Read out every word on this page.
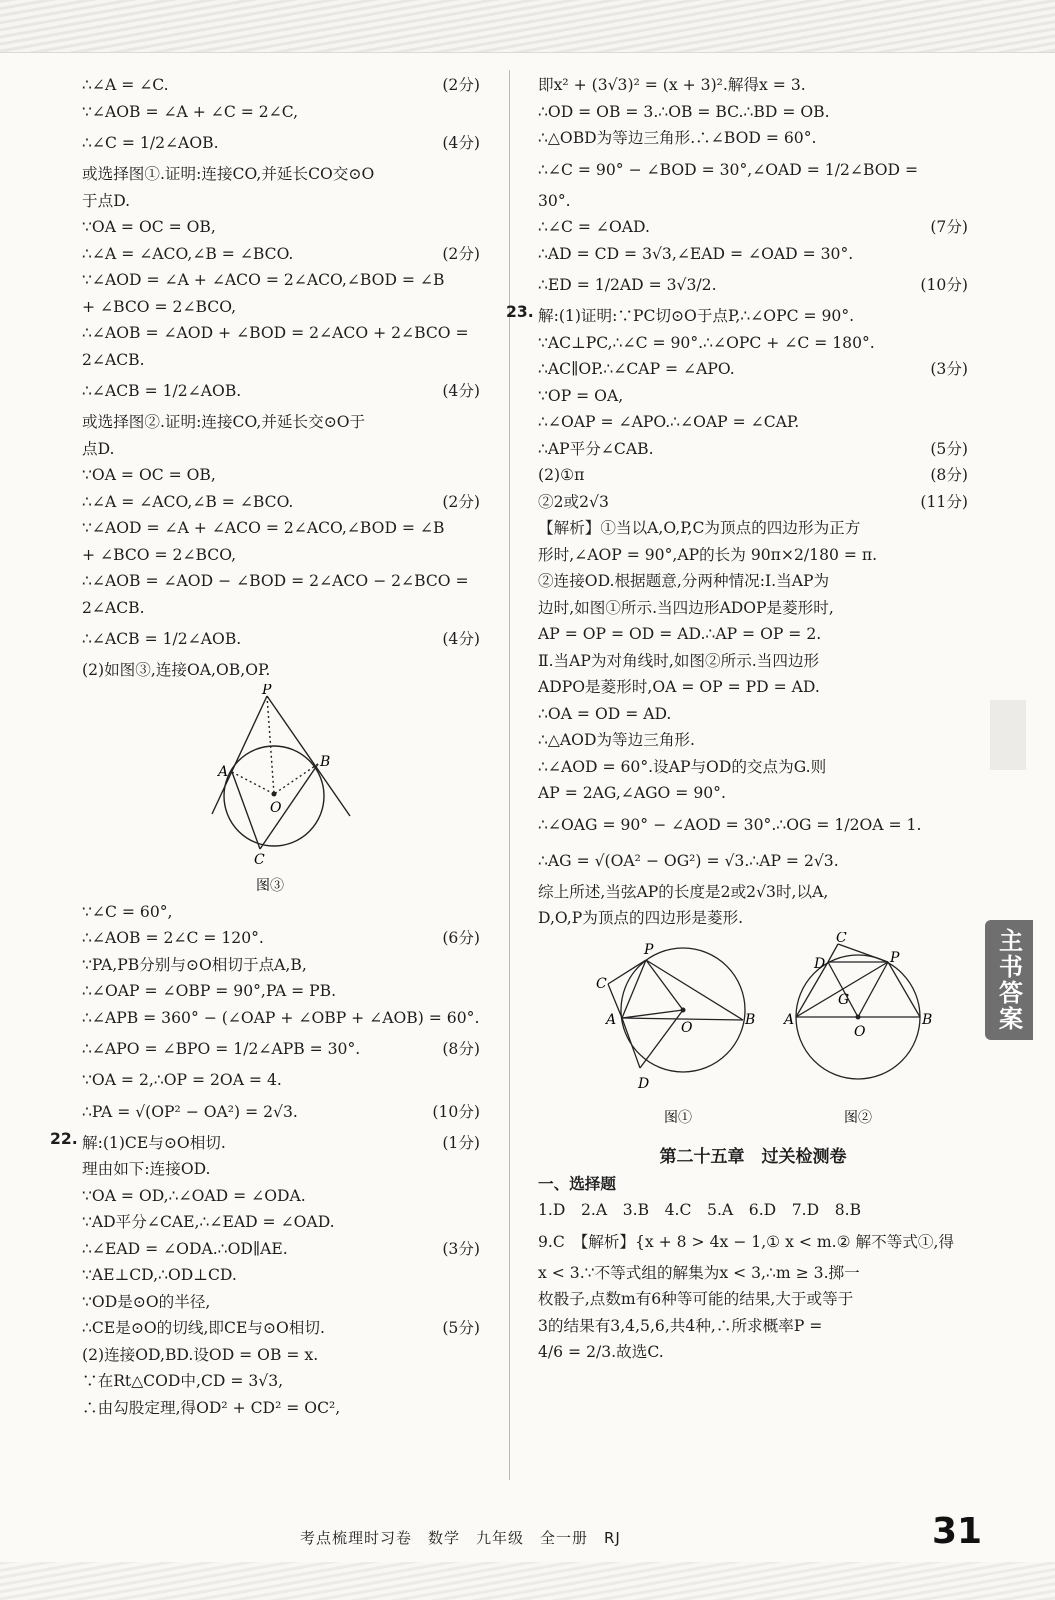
∴∠A = ∠C.	(2分)
∵∠AOB = ∠A + ∠C = 2∠C,
∴∠C = 1/2∠AOB.	(4分)
或选择图①.证明:连接CO,并延长CO交⊙O
于点D.
∵OA = OC = OB,
∴∠A = ∠ACO,∠B = ∠BCO.	(2分)
∵∠AOD = ∠A + ∠ACO = 2∠ACO,∠BOD = ∠B
+ ∠BCO = 2∠BCO,
∴∠AOB = ∠AOD + ∠BOD = 2∠ACO + 2∠BCO =
2∠ACB.
∴∠ACB = 1/2∠AOB.	(4分)
或选择图②.证明:连接CO,并延长交⊙O于
点D.
∵OA = OC = OB,
∴∠A = ∠ACO,∠B = ∠BCO.	(2分)
∵∠AOD = ∠A + ∠ACO = 2∠ACO,∠BOD = ∠B
+ ∠BCO = 2∠BCO,
∴∠AOB = ∠AOD − ∠BOD = 2∠ACO − 2∠BCO =
2∠ACB.
∴∠ACB = 1/2∠AOB.	(4分)
(2)如图③,连接OA,OB,OP.
P
A
B
O
C
图③
∵∠C = 60°,
∴∠AOB = 2∠C = 120°.	(6分)
∵PA,PB分别与⊙O相切于点A,B,
∴∠OAP = ∠OBP = 90°,PA = PB.
∴∠APB = 360° − (∠OAP + ∠OBP + ∠AOB) = 60°.
∴∠APO = ∠BPO = 1/2∠APB = 30°.	(8分)
∵OA = 2,∴OP = 2OA = 4.
∴PA = √(OP² − OA²) = 2√3.	(10分)
22. 解:(1)CE与⊙O相切.	(1分)
理由如下:连接OD.
∵OA = OD,∴∠OAD = ∠ODA.
∵AD平分∠CAE,∴∠EAD = ∠OAD.
∴∠EAD = ∠ODA.∴OD∥AE.	(3分)
∵AE⊥CD,∴OD⊥CD.
∵OD是⊙O的半径,
∴CE是⊙O的切线,即CE与⊙O相切.	(5分)
(2)连接OD,BD.设OD = OB = x.
∵在Rt△COD中,CD = 3√3,
∴由勾股定理,得OD² + CD² = OC²,
即x² + (3√3)² = (x + 3)².解得x = 3.
∴OD = OB = 3.∴OB = BC.∴BD = OB.
∴△OBD为等边三角形.∴∠BOD = 60°.
∴∠C = 90° − ∠BOD = 30°,∠OAD = 1/2∠BOD =
30°.
∴∠C = ∠OAD.	(7分)
∴AD = CD = 3√3,∠EAD = ∠OAD = 30°.
∴ED = 1/2AD = 3√3/2.	(10分)
23. 解:(1)证明:∵PC切⊙O于点P,∴∠OPC = 90°.
∵AC⊥PC,∴∠C = 90°.∴∠OPC + ∠C = 180°.
∴AC∥OP.∴∠CAP = ∠APO.	(3分)
∵OP = OA,
∴∠OAP = ∠APO.∴∠OAP = ∠CAP.
∴AP平分∠CAB.	(5分)
(2)①π	(8分)
②2或2√3	(11分)
【解析】①当以A,O,P,C为顶点的四边形为正方
形时,∠AOP = 90°,AP的长为 90π×2/180 = π.
②连接OD.根据题意,分两种情况:Ⅰ.当AP为
边时,如图①所示.当四边形ADOP是菱形时,
AP = OP = OD = AD.∴AP = OP = 2.
Ⅱ.当AP为对角线时,如图②所示.当四边形
ADPO是菱形时,OA = OP = PD = AD.
∴OA = OD = AD.
∴△AOD为等边三角形.
∴∠AOD = 60°.设AP与OD的交点为G.则
AP = 2AG,∠AGO = 90°.
∴∠OAG = 90° − ∠AOD = 30°.∴OG = 1/2OA = 1.
∴AG = √(OA² − OG²) = √3.∴AP = 2√3.
综上所述,当弦AP的长度是2或2√3时,以A,
D,O,P为顶点的四边形是菱形.
P
C
A	O	B
D
C
D	P
G
A
O
B
图①	图②
第二十五章　过关检测卷
一、选择题
1.D　2.A　3.B　4.C　5.A　6.D　7.D　8.B
9.C　【解析】{x + 8 > 4x − 1,① x < m.② 解不等式①,得
x < 3.∵不等式组的解集为x < 3,∴m ≥ 3.掷一
枚骰子,点数m有6种等可能的结果,大于或等于
3的结果有3,4,5,6,共4种,∴所求概率P =
4/6 = 2/3.故选C.
主书答案
考点梳理时习卷　数学　九年级　全一册　RJ	31
